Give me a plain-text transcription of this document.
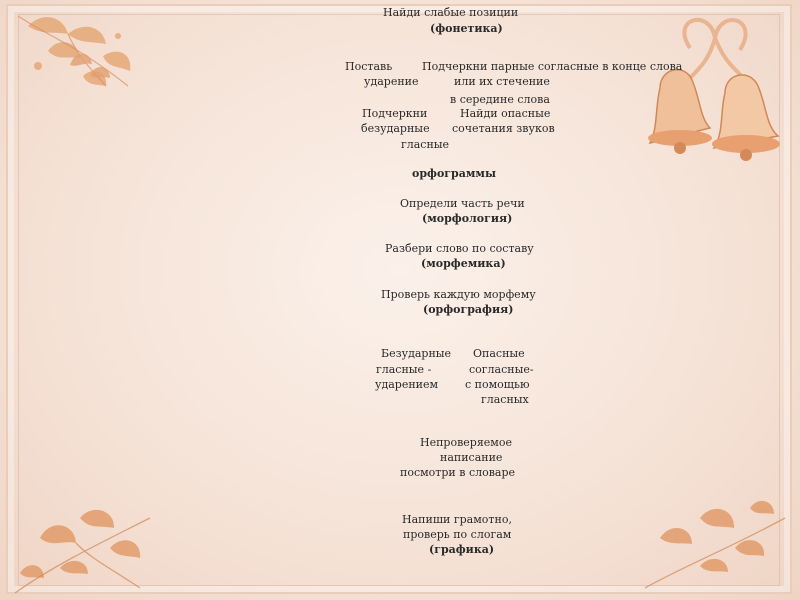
Найди слабые позиции
(фонетика)
Поставь
ударение
Подчеркни парные согласные в конце слова
или их стечение
в середине слова
Подчеркни
безударные
гласные
Найди опасные
сочетания звуков
орфограммы
Определи часть речи
(морфология)
Разбери слово по составу
(морфемика)
Проверь каждую морфему
(орфография)
Безударные
гласные -
ударением
Опасные
согласные-
с помощью
гласных
Непроверяемое
написание
посмотри в словаре
Напиши грамотно,
проверь по слогам
(графика)
